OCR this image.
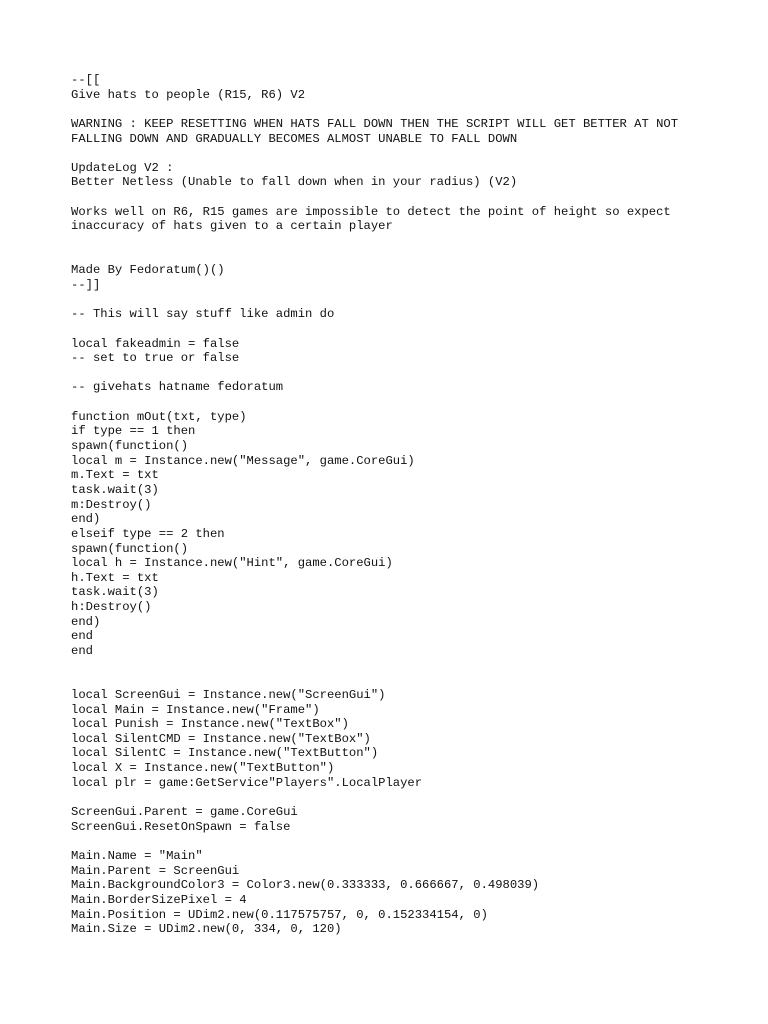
--[[
Give hats to people (R15, R6) V2
WARNING : KEEP RESETTING WHEN HATS FALL DOWN THEN THE SCRIPT WILL GET BETTER AT NOT
FALLING DOWN AND GRADUALLY BECOMES ALMOST UNABLE TO FALL DOWN
UpdateLog V2 :
Better Netless (Unable to fall down when in your radius) (V2)
Works well on R6, R15 games are impossible to detect the point of height so expect
inaccuracy of hats given to a certain player
Made By Fedoratum()()
--]]
-- This will say stuff like admin do
local fakeadmin = false
-- set to true or false
-- givehats hatname fedoratum
function mOut(txt, type)
if type == 1 then
spawn(function()
local m = Instance.new("Message", game.CoreGui)
m.Text = txt
task.wait(3)
m:Destroy()
end)
elseif type == 2 then
spawn(function()
local h = Instance.new("Hint", game.CoreGui)
h.Text = txt
task.wait(3)
h:Destroy()
end)
end
end
local ScreenGui = Instance.new("ScreenGui")
local Main = Instance.new("Frame")
local Punish = Instance.new("TextBox")
local SilentCMD = Instance.new("TextBox")
local SilentC = Instance.new("TextButton")
local X = Instance.new("TextButton")
local plr = game:GetService"Players".LocalPlayer
ScreenGui.Parent = game.CoreGui
ScreenGui.ResetOnSpawn = false
Main.Name = "Main"
Main.Parent = ScreenGui
Main.BackgroundColor3 = Color3.new(0.333333, 0.666667, 0.498039)
Main.BorderSizePixel = 4
Main.Position = UDim2.new(0.117575757, 0, 0.152334154, 0)
Main.Size = UDim2.new(0, 334, 0, 120)
